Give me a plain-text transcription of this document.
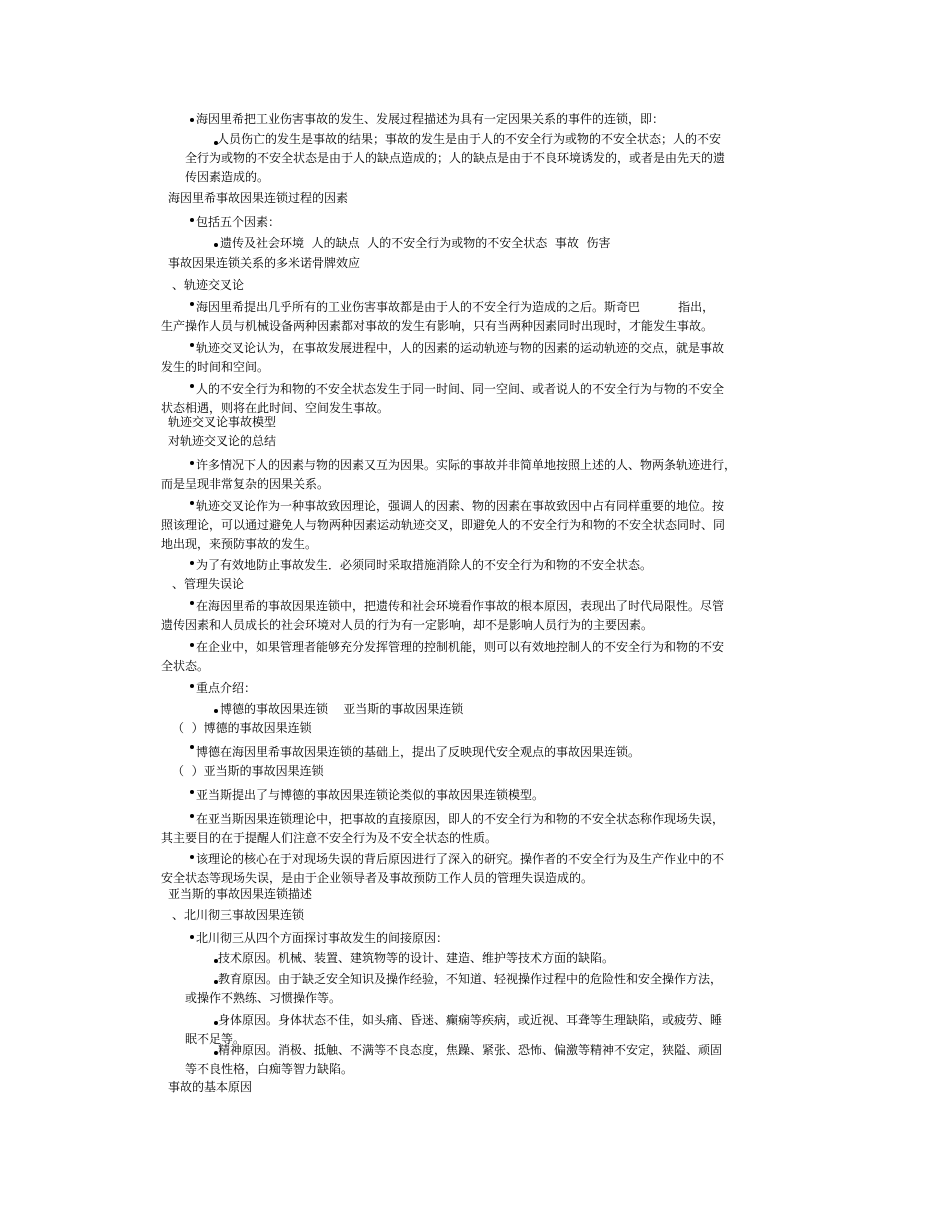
海因里希把工业伤害事故的发生、发展过程描述为具有一定因果关系的事件的连锁，即：
人员伤亡的发生是事故的结果；事故的发生是由于人的不安全行为或物的不安全状态；人的不安
全行为或物的不安全状态是由于人的缺点造成的；人的缺点是由于不良环境诱发的，或者是由先天的遗
传因素造成的。
海因里希事故因果连锁过程的因素
包括五个因素：
遗传及社会环境  人的缺点  人的不安全行为或物的不安全状态  事故  伤害
事故因果连锁关系的多米诺骨牌效应
、轨迹交叉论
海因里希提出几乎所有的工业伤害事故都是由于人的不安全行为造成的之后。斯奇巴          指出，
生产操作人员与机械设备两种因素都对事故的发生有影响，只有当两种因素同时出现时，才能发生事故。
轨迹交叉论认为，在事故发展进程中，人的因素的运动轨迹与物的因素的运动轨迹的交点，就是事故
发生的时间和空间。
人的不安全行为和物的不安全状态发生于同一时间、同一空间、或者说人的不安全行为与物的不安全
状态相遇，则将在此时间、空间发生事故。
轨迹交叉论事故模型
对轨迹交叉论的总结
许多情况下人的因素与物的因素又互为因果。实际的事故并非简单地按照上述的人、物两条轨迹进行，
而是呈现非常复杂的因果关系。
轨迹交叉论作为一种事故致因理论，强调人的因素、物的因素在事故致因中占有同样重要的地位。按
照该理论，可以通过避免人与物两种因素运动轨迹交叉，即避免人的不安全行为和物的不安全状态同时、同
地出现，来预防事故的发生。
为了有效地防止事故发生．必须同时采取措施消除人的不安全行为和物的不安全状态。
、管理失误论
在海因里希的事故因果连锁中，把遗传和社会环境看作事故的根本原因，表现出了时代局限性。尽管
遗传因素和人员成长的社会环境对人员的行为有一定影响，却不是影响人员行为的主要因素。
在企业中，如果管理者能够充分发挥管理的控制机能，则可以有效地控制人的不安全行为和物的不安
全状态。
重点介绍：
博德的事故因果连锁    亚当斯的事故因果连锁
（  ）博德的事故因果连锁
博德在海因里希事故因果连锁的基础上，提出了反映现代安全观点的事故因果连锁。
（  ）亚当斯的事故因果连锁
亚当斯提出了与博德的事故因果连锁论类似的事故因果连锁模型。
在亚当斯因果连锁理论中，把事故的直接原因，即人的不安全行为和物的不安全状态称作现场失误，
其主要目的在于提醒人们注意不安全行为及不安全状态的性质。
该理论的核心在于对现场失误的背后原因进行了深入的研究。操作者的不安全行为及生产作业中的不
安全状态等现场失误，是由于企业领导者及事故预防工作人员的管理失误造成的。
亚当斯的事故因果连锁描述
、北川彻三事故因果连锁
北川彻三从四个方面探讨事故发生的间接原因：
技术原因。机械、装置、建筑物等的设计、建造、维护等技术方面的缺陷。
教育原因。由于缺乏安全知识及操作经验，不知道、轻视操作过程中的危险性和安全操作方法，
或操作不熟练、习惯操作等。
身体原因。身体状态不佳，如头痛、昏迷、癫痫等疾病，或近视、耳聋等生理缺陷，或疲劳、睡
眠不足等。
精神原因。消极、抵触、不满等不良态度，焦躁、紧张、恐怖、偏激等精神不安定，狭隘、顽固
等不良性格，白痴等智力缺陷。
事故的基本原因
